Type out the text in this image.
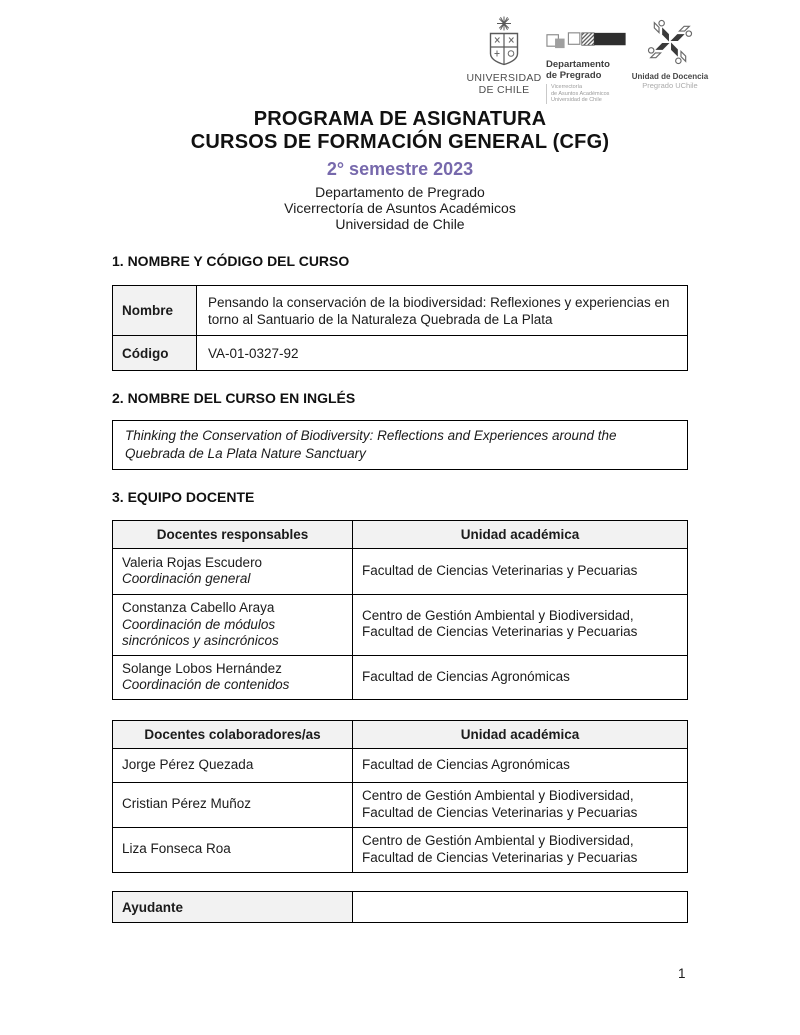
UNIVERSIDAD
DE CHILE
Departamento
de Pregrado
Vicerrectoría
de Asuntos Académicos
Universidad de Chile
Unidad de Docencia
Pregrado UChile
PROGRAMA DE ASIGNATURA
CURSOS DE FORMACIÓN GENERAL (CFG)
2° semestre 2023
Departamento de Pregrado
Vicerrectoría de Asuntos Académicos
Universidad de Chile
1. NOMBRE Y CÓDIGO DEL CURSO
Nombre	Pensando la conservación de la biodiversidad: Reflexiones y experiencias en torno al Santuario de la Naturaleza Quebrada de La Plata
Código	VA-01-0327-92
2. NOMBRE DEL CURSO EN INGLÉS
Thinking the Conservation of Biodiversity: Reflections and Experiences around the Quebrada de La Plata Nature Sanctuary
3. EQUIPO DOCENTE
Docentes responsables	Unidad académica

Valeria Rojas Escudero
Coordinación general	Facultad de Ciencias Veterinarias y Pecuarias

Constanza Cabello Araya
Coordinación de módulos sincrónicos y asincrónicos	Centro de Gestión Ambiental y Biodiversidad, Facultad de Ciencias Veterinarias y Pecuarias

Solange Lobos Hernández
Coordinación de contenidos	Facultad de Ciencias Agronómicas
Docentes colaboradores/as	Unidad académica
Jorge Pérez Quezada	Facultad de Ciencias Agronómicas
Cristian Pérez Muñoz	Centro de Gestión Ambiental y Biodiversidad, Facultad de Ciencias Veterinarias y Pecuarias
Liza Fonseca Roa	Centro de Gestión Ambiental y Biodiversidad, Facultad de Ciencias Veterinarias y Pecuarias
Ayudante	
1
